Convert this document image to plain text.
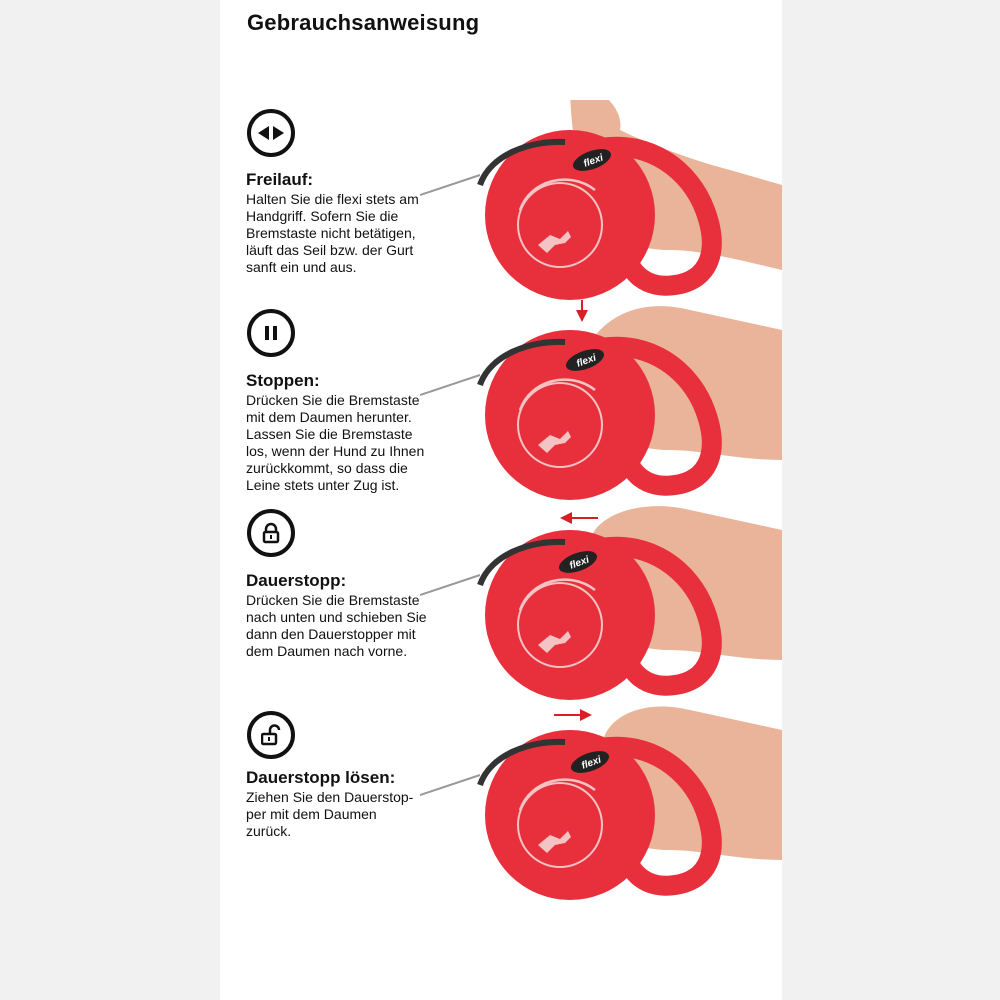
Gebrauchsanweisung

Freilauf:

Halten Sie die flexi stets am
Handgriff. Sofern Sie die
Bremstaste nicht betätigen,
läuft das Seil bzw. der Gurt
sanft ein und aus.

flexi

Stoppen:

Drücken Sie die Bremstaste
mit dem Daumen herunter.
Lassen Sie die Bremstaste
los, wenn der Hund zu Ihnen
zurückkommt, so dass die
Leine stets unter Zug ist.

flexi

Dauerstopp:

Drücken Sie die Bremstaste
nach unten und schieben Sie
dann den Dauerstopper mit
dem Daumen nach vorne.

flexi

Dauerstopp lösen:

Ziehen Sie den Dauerstop-
per mit dem Daumen
zurück.

flexi
